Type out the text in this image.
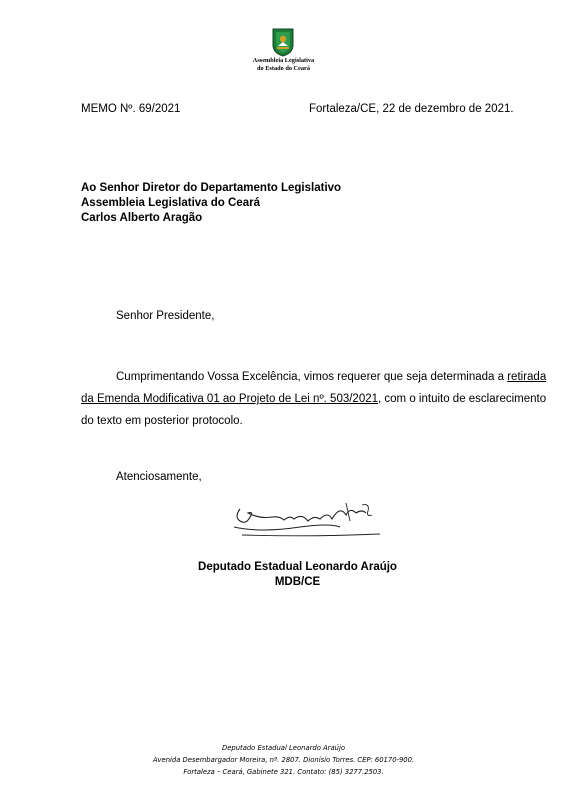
Assembleia Legislativa
do Estado do Ceará
MEMO Nº. 69/2021	Fortaleza/CE, 22 de dezembro de 2021.
Ao Senhor Diretor do Departamento Legislativo
Assembleia Legislativa do Ceará
Carlos Alberto Aragão
Senhor Presidente,
Cumprimentando Vossa Excelência, vimos requerer que seja determinada a retirada
da Emenda Modificativa 01 ao Projeto de Lei nº. 503/2021, com o intuito de esclarecimento
do texto em posterior protocolo.
Atenciosamente,
Deputado Estadual Leonardo Araújo
MDB/CE
Deputado Estadual Leonardo Araújo
Avenida Desembargador Moreira, nº. 2807. Dionísio Torres. CEP: 60170-900.
Fortaleza – Ceará, Gabinete 321. Contato: (85) 3277.2503.
